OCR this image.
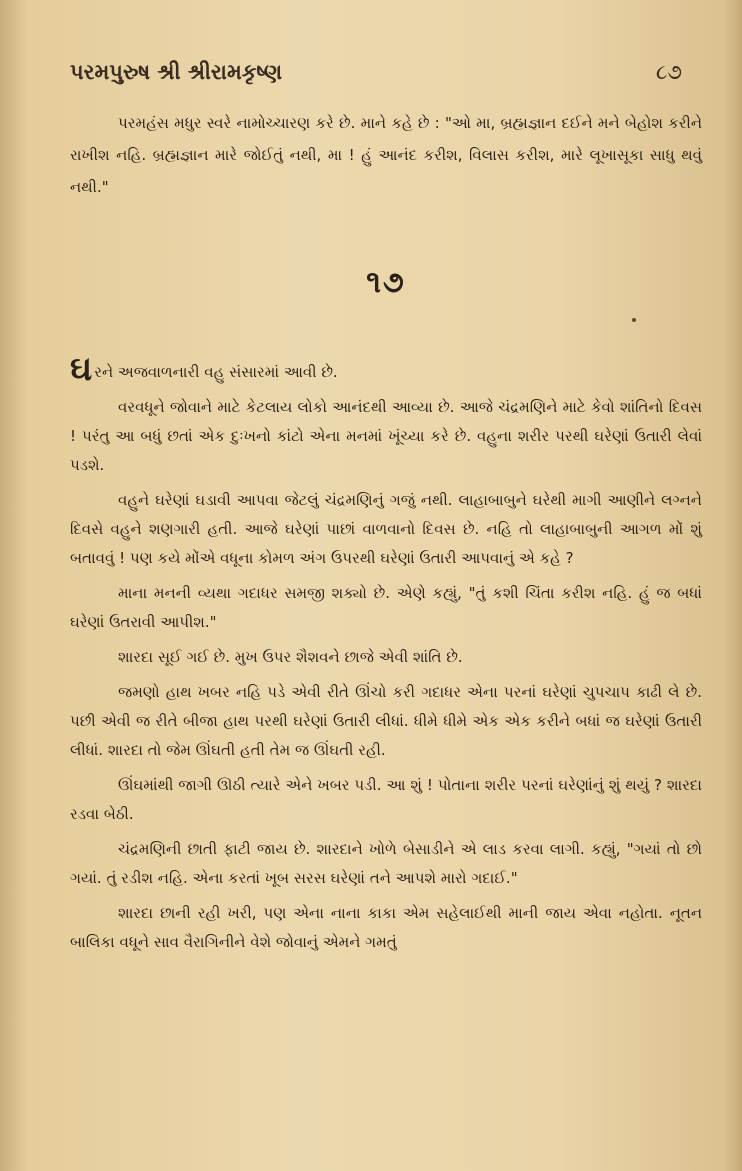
પરમપુરુષ શ્રી શ્રીરામકૃષ્ણ	૮૭

પરમહંસ મધુર સ્વરે નામોચ્ચારણ કરે છે. માને કહે છે : "ઓ મા, બ્રહ્મજ્ઞાન દઈને મને બેહોશ કરીને રાખીશ નહિ. બ્રહ્મજ્ઞાન મારે જોઈતું નથી, મા ! હું આનંદ કરીશ, વિલાસ કરીશ, મારે લૂખાસૂકા સાધુ થવું નથી."

૧૭

ઘરને અજવાળનારી વહુ સંસારમાં આવી છે.

વરવધૂને જોવાને માટે કેટલાય લોકો આનંદથી આવ્યા છે. આજે ચંદ્રમણિને માટે કેવો શાંતિનો દિવસ ! પરંતુ આ બધું છતાં એક દુઃખનો કાંટો એના મનમાં ખૂંચ્યા કરે છે. વહુના શરીર પરથી ઘરેણાં ઉતારી લેવાં પડશે.

વહુને ઘરેણાં ઘડાવી આપવા જેટલું ચંદ્રમણિનું ગજું નથી. લાહાબાબુને ઘરેથી માગી આણીને લગ્નને દિવસે વહુને શણગારી હતી. આજે ઘરેણાં પાછાં વાળવાનો દિવસ છે. નહિ તો લાહાબાબુની આગળ મોં શું બતાવવું ! પણ કયે મોંએ વધૂના કોમળ અંગ ઉપરથી ઘરેણાં ઉતારી આપવાનું એ કહે ?

માના મનની વ્યથા ગદાધર સમજી શક્યો છે. એણે કહ્યું, "તું કશી ચિંતા કરીશ નહિ. હું જ બધાં ઘરેણાં ઉતરાવી આપીશ."

શારદા સૂઈ ગઈ છે. મુખ ઉપર શૈશવને છાજે એવી શાંતિ છે.

જમણો હાથ ખબર નહિ પડે એવી રીતે ઊંચો કરી ગદાધર એના પરનાં ઘરેણાં ચુપચાપ કાઢી લે છે. પછી એવી જ રીતે બીજા હાથ પરથી ઘરેણાં ઉતારી લીધાં. ધીમે ધીમે એક એક કરીને બધાં જ ઘરેણાં ઉતારી લીધાં. શારદા તો જેમ ઊંઘતી હતી તેમ જ ઊંઘતી રહી.

ઊંઘમાંથી જાગી ઊઠી ત્યારે એને ખબર પડી. આ શું ! પોતાના શરીર પરનાં ઘરેણાંનું શું થયું ? શારદા રડવા બેઠી.

ચંદ્રમણિની છાતી ફાટી જાય છે. શારદાને ખોળે બેસાડીને એ લાડ કરવા લાગી. કહ્યું, "ગયાં તો છો ગયાં. તું રડીશ નહિ. એના કરતાં ખૂબ સરસ ઘરેણાં તને આપશે મારો ગદાઈ."

શારદા છાની રહી ખરી, પણ એના નાના કાકા એમ સહેલાઈથી માની જાય એવા નહોતા. નૂતન બાલિકા વધૂને સાવ વૈરાગિનીને વેશે જોવાનું એમને ગમતું
